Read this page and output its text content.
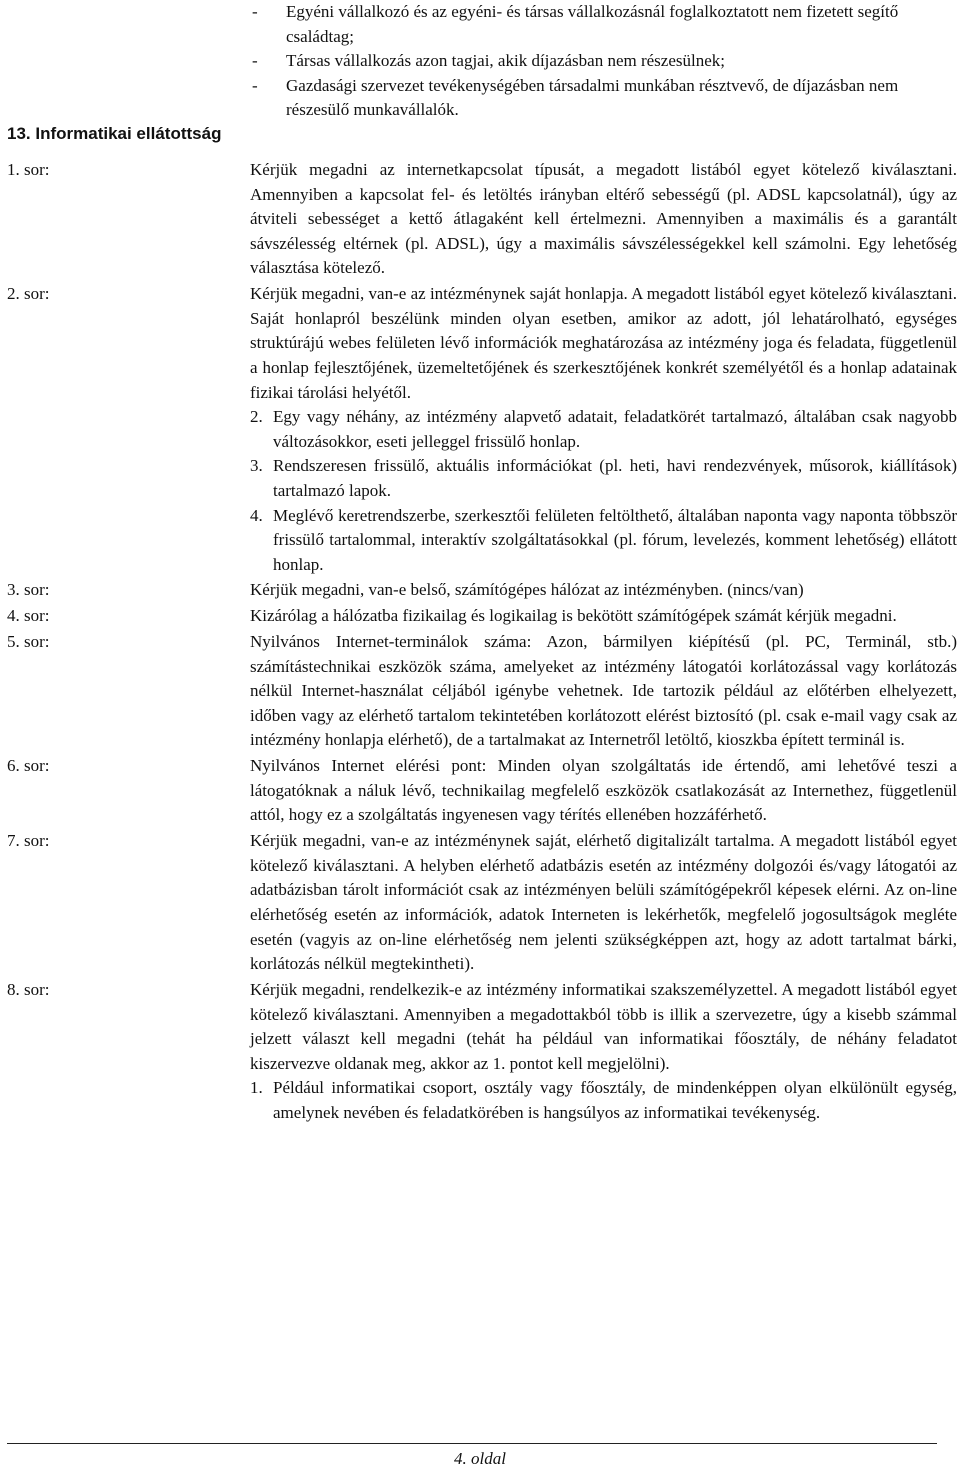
- Egyéni vállalkozó és az egyéni- és társas vállalkozásnál foglalkoztatott nem fizetett segítő családtag;
- Társas vállalkozás azon tagjai, akik díjazásban nem részesülnek;
- Gazdasági szervezet tevékenységében társadalmi munkában résztvevő, de díjazásban nem részesülő munkavállalók.
13. Informatikai ellátottság
1. sor:	Kérjük megadni az internetkapcsolat típusát, a megadott listából egyet kötelező kiválasztani. Amennyiben a kapcsolat fel- és letöltés irányban eltérő sebességű (pl. ADSL kapcsolatnál), úgy az átviteli sebességet a kettő átlagaként kell értelmezni. Amennyiben a maximális és a garantált sávszélesség eltérnek (pl. ADSL), úgy a maximális sávszélességekkel kell számolni. Egy lehetőség választása kötelező.

2. sor:	Kérjük megadni, van-e az intézménynek saját honlapja. A megadott listából egyet kötelező kiválasztani. Saját honlapról beszélünk minden olyan esetben, amikor az adott, jól lehatárolható, egységes struktúrájú webes felületen lévő információk meghatározása az intézmény joga és feladata, függetlenül a honlap fejlesztőjének, üzemeltetőjének és szerkesztőjének konkrét személyétől és a honlap adatainak fizikai tárolási helyétől.

2. Egy vagy néhány, az intézmény alapvető adatait, feladatkörét tartalmazó, általában csak nagyobb változásokkor, eseti jelleggel frissülő honlap.

3. Rendszeresen frissülő, aktuális információkat (pl. heti, havi rendezvények, műsorok, kiállítások) tartalmazó lapok.

4. Meglévő keretrendszerbe, szerkesztői felületen feltölthető, általában naponta vagy naponta többször frissülő tartalommal, interaktív szolgáltatásokkal (pl. fórum, levelezés, komment lehetőség) ellátott honlap.

3. sor:	Kérjük megadni, van-e belső, számítógépes hálózat az intézményben. (nincs/van)

4. sor:	Kizárólag a hálózatba fizikailag és logikailag is bekötött számítógépek számát kérjük megadni.

5. sor:	Nyilvános Internet-terminálok száma: Azon, bármilyen kiépítésű (pl. PC, Terminál, stb.) számítástechnikai eszközök száma, amelyeket az intézmény látogatói korlátozással vagy korlátozás nélkül Internet-használat céljából igénybe vehetnek. Ide tartozik például az előtérben elhelyezett, időben vagy az elérhető tartalom tekintetében korlátozott elérést biztosító (pl. csak e-mail vagy csak az intézmény honlapja elérhető), de a tartalmakat az Internetről letöltő, kioszkba épített terminál is.

6. sor:	Nyilvános Internet elérési pont: Minden olyan szolgáltatás ide értendő, ami lehetővé teszi a látogatóknak a náluk lévő, technikailag megfelelő eszközök csatlakozását az Internethez, függetlenül attól, hogy ez a szolgáltatás ingyenesen vagy térítés ellenében hozzáférhető.

7. sor:	Kérjük megadni, van-e az intézménynek saját, elérhető digitalizált tartalma. A megadott listából egyet kötelező kiválasztani. A helyben elérhető adatbázis esetén az intézmény dolgozói és/vagy látogatói az adatbázisban tárolt információt csak az intézményen belüli számítógépekről képesek elérni. Az on-line elérhetőség esetén az információk, adatok Interneten is lekérhetők, megfelelő jogosultságok megléte esetén (vagyis az on-line elérhetőség nem jelenti szükségképpen azt, hogy az adott tartalmat bárki, korlátozás nélkül megtekintheti).

8. sor:	Kérjük megadni, rendelkezik-e az intézmény informatikai szakszemélyzettel. A megadott listából egyet kötelező kiválasztani. Amennyiben a megadottakból több is illik a szervezetre, úgy a kisebb számmal jelzett választ kell megadni (tehát ha például van informatikai főosztály, de néhány feladatot kiszervezve oldanak meg, akkor az 1. pontot kell megjelölni).

1. Például informatikai csoport, osztály vagy főosztály, de mindenképpen olyan elkülönült egység, amelynek nevében és feladatkörében is hangsúlyos az informatikai tevékenység.

4. oldal
